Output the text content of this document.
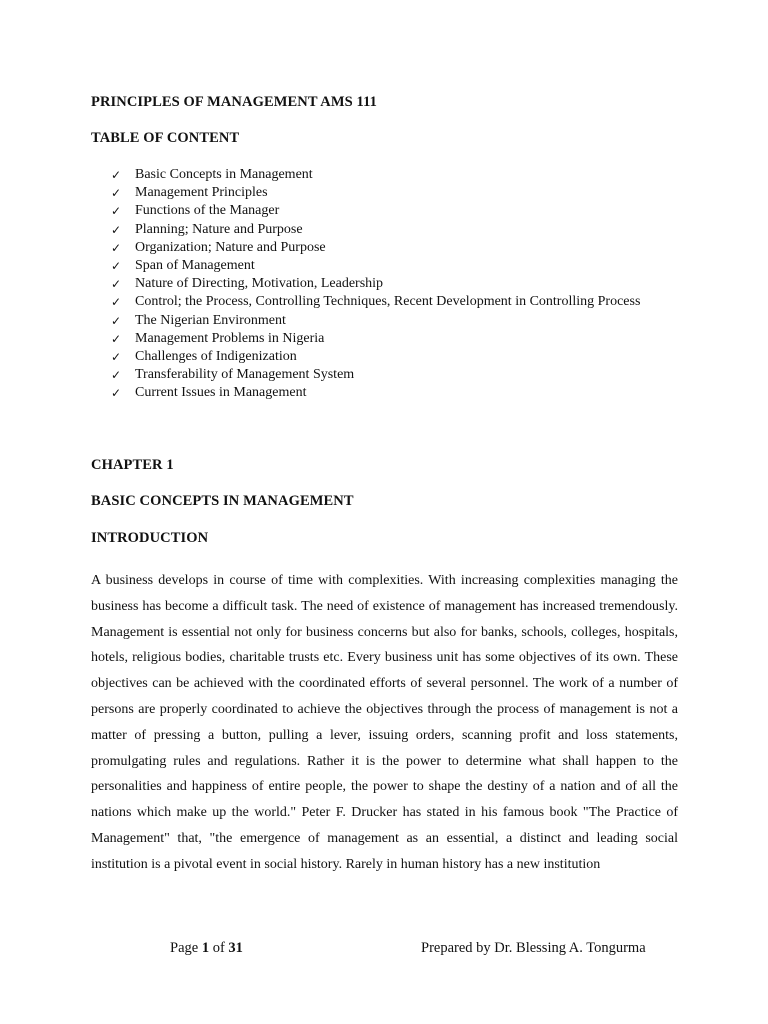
PRINCIPLES OF MANAGEMENT AMS 111
TABLE OF CONTENT
✓ Basic Concepts in Management
✓ Management Principles
✓ Functions of the Manager
✓ Planning; Nature and Purpose
✓ Organization; Nature and Purpose
✓ Span of Management
✓ Nature of Directing, Motivation, Leadership
✓ Control; the Process, Controlling Techniques, Recent Development in Controlling Process
✓ The Nigerian Environment
✓ Management Problems in Nigeria
✓ Challenges of Indigenization
✓ Transferability of Management System
✓ Current Issues in Management
CHAPTER 1
BASIC CONCEPTS IN MANAGEMENT
INTRODUCTION

A business develops in course of time with complexities. With increasing complexities managing the business has become a difficult task. The need of existence of management has increased tremendously. Management is essential not only for business concerns but also for banks, schools, colleges, hospitals, hotels, religious bodies, charitable trusts etc. Every business unit has some objectives of its own. These objectives can be achieved with the coordinated efforts of several personnel. The work of a number of persons are properly coordinated to achieve the objectives through the process of management is not a matter of pressing a button, pulling a lever, issuing orders, scanning profit and loss statements, promulgating rules and regulations. Rather it is the power to determine what shall happen to the personalities and happiness of entire people, the power to shape the destiny of a nation and of all the nations which make up the world." Peter F. Drucker has stated in his famous book "The Practice of Management" that, "the emergence of management as an essential, a distinct and leading social institution is a pivotal event in social history. Rarely in human history has a new institution

Page 1 of 31	Prepared by Dr. Blessing A. Tongurma
